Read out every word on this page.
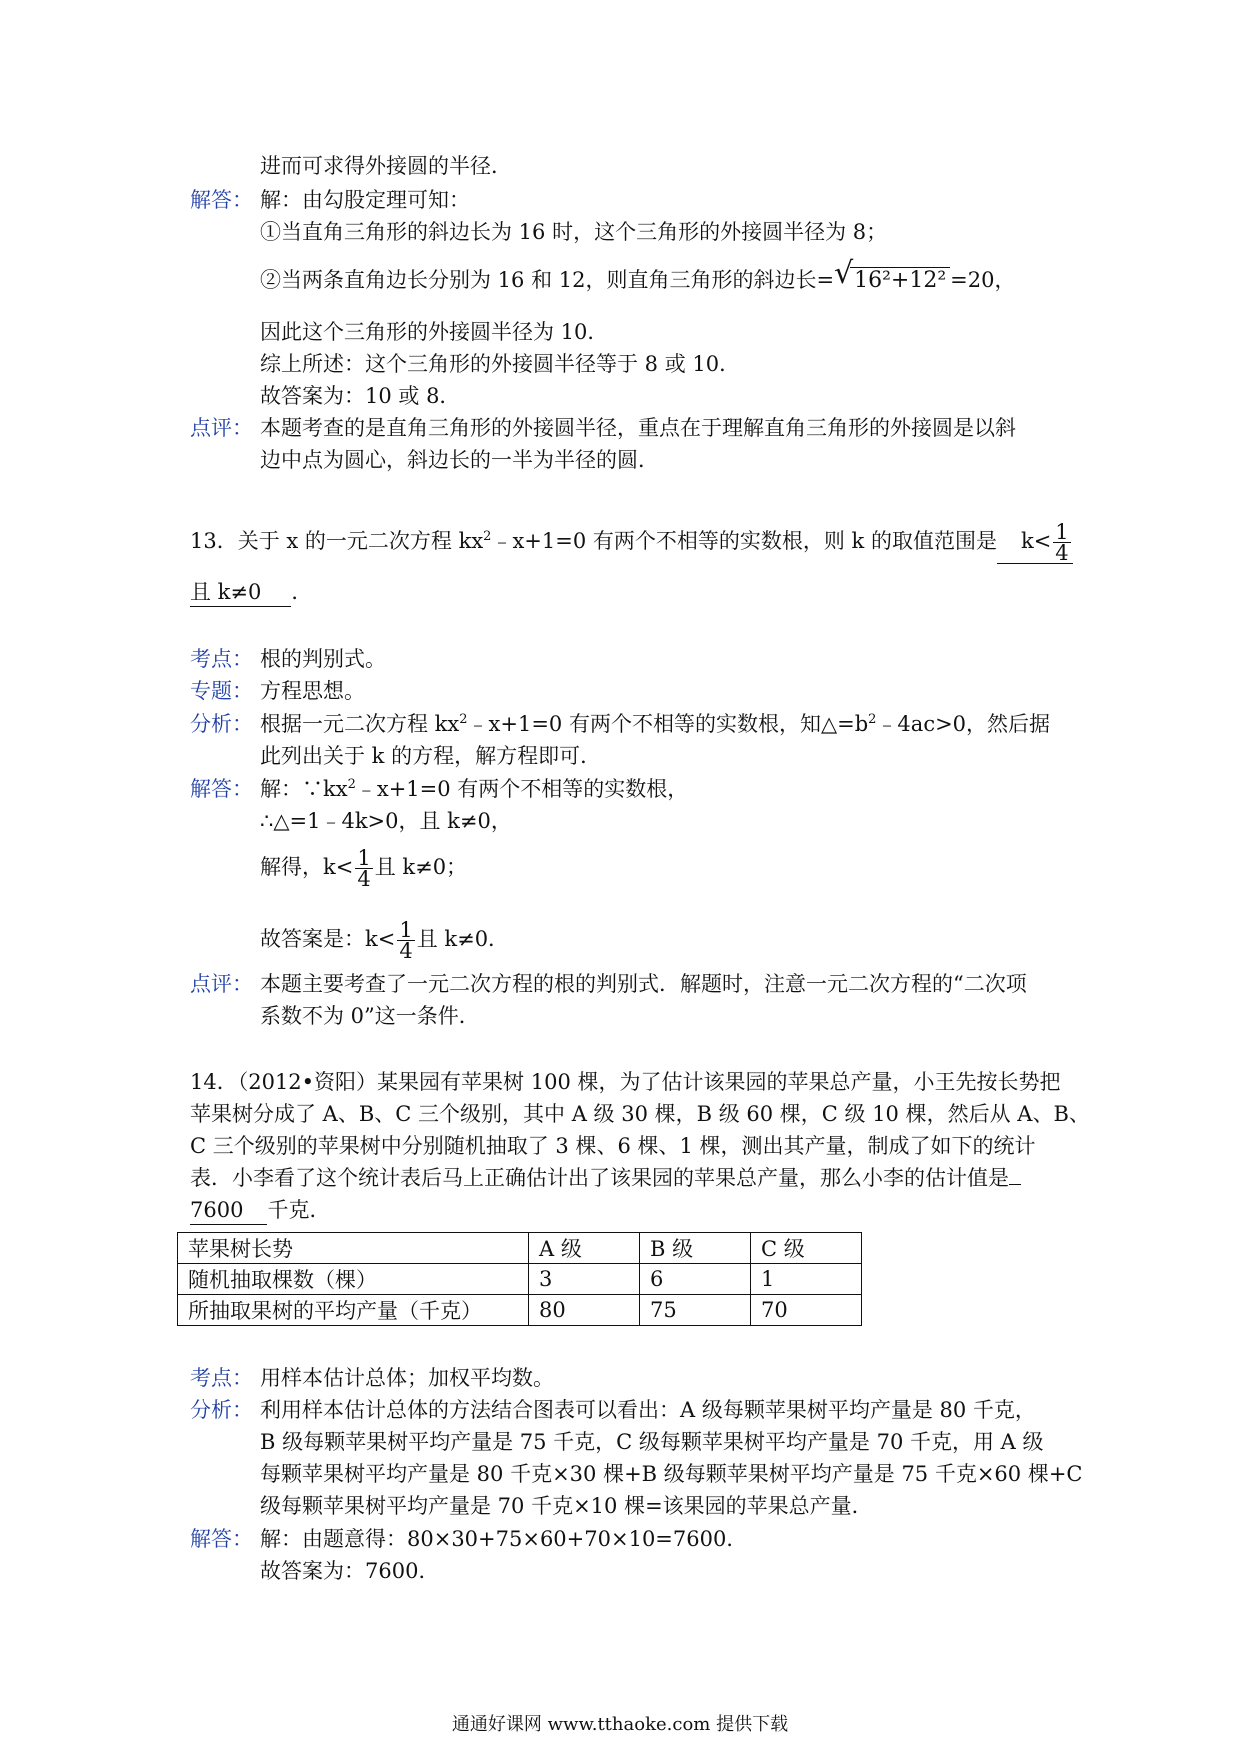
进而可求得外接圆的半径．
解答： 解：由勾股定理可知：
①当直角三角形的斜边长为 16 时，这个三角形的外接圆半径为 8；
②当两条直角边长分别为 16 和 12，则直角三角形的斜边长= √ 16²+12² =20，
因此这个三角形的外接圆半径为 10．
综上所述：这个三角形的外接圆半径等于 8 或 10．
故答案为：10 或 8．
点评： 本题考查的是直角三角形的外接圆半径，重点在于理解直角三角形的外接圆是以斜
边中点为圆心，斜边长的一半为半径的圆．
13．关于 x 的一元二次方程 $kx^2﹣x+1=0$ 有两个不相等的实数根，则 k 的取值范围是 $k< \frac{1}{4}$
且 k≠0 ．
考点： 根的判别式。
专题： 方程思想。
分析： 根据一元二次方程 $kx^2﹣x+1=0$ 有两个不相等的实数根，知$\triangle=b^2﹣4ac>0$，然后据
此列出关于 k 的方程，解方程即可．
解答： 解：$\because kx^2﹣x+1=0$ 有两个不相等的实数根，
∴△=1﹣4k>0，且 k≠0，
解得，$k< \frac{1}{4}$ 且 k≠0；
故答案是：$k< \frac{1}{4}$ 且 k≠0．
点评： 本题主要考查了一元二次方程的根的判别式．解题时，注意一元二次方程的“二次项
系数不为 0”这一条件．
14．（2012•资阳）某果园有苹果树 100 棵，为了估计该果园的苹果总产量，小王先按长势把
苹果树分成了 A、B、C 三个级别，其中 A 级 30 棵，B 级 60 棵，C 级 10 棵，然后从 A、B、
C 三个级别的苹果树中分别随机抽取了 3 棵、6 棵、1 棵，测出其产量，制成了如下的统计
表．小李看了这个统计表后马上正确估计出了该果园的苹果总产量，那么小李的估计值是
7600 千克．
苹果树长势	A 级	B 级	C 级
随机抽取棵数（棵）	3	6	1
所抽取果树的平均产量（千克）	80	75	70
考点： 用样本估计总体；加权平均数。
分析： 利用样本估计总体的方法结合图表可以看出：A 级每颗苹果树平均产量是 80 千克，
B 级每颗苹果树平均产量是 75 千克，C 级每颗苹果树平均产量是 70 千克，用 A 级
每颗苹果树平均产量是 80 千克×30 棵+B 级每颗苹果树平均产量是 75 千克×60 棵+C
级每颗苹果树平均产量是 70 千克×10 棵=该果园的苹果总产量．
解答： 解：由题意得：80×30+75×60+70×10=7600．
故答案为：7600．
通通好课网 www.tthaoke.com 提供下载
